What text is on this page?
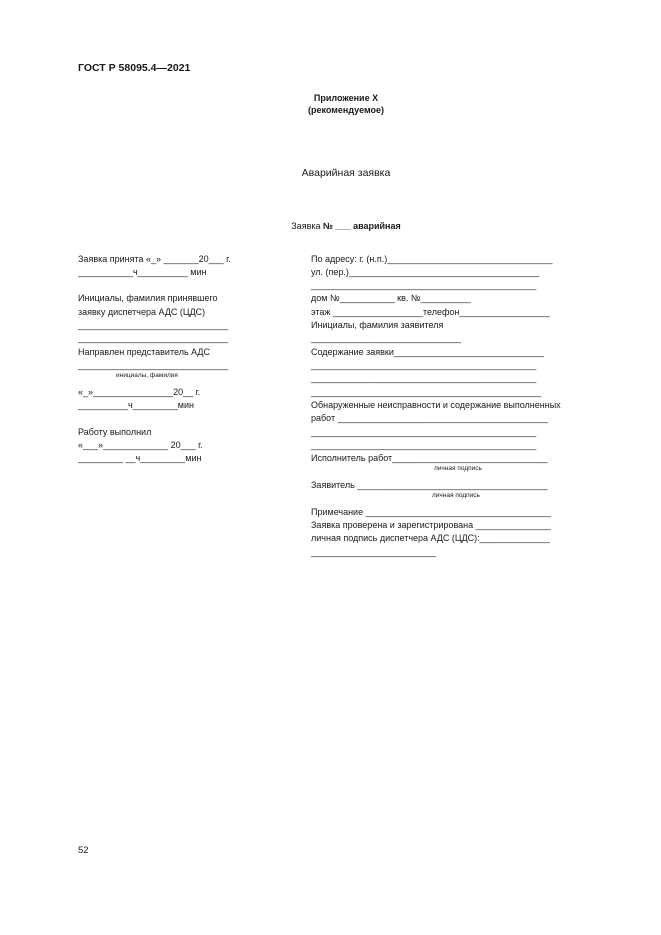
ГОСТ Р 58095.4—2021
Приложение X
(рекомендуемое)
Аварийная заявка
Заявка № ___ аварийная
Заявка принята «_» _______20___ г.
___________ч__________ мин
Инициалы, фамилия принявшего
заявку диспетчера АДС (ЦДС)
______________________________
______________________________
Направлен представитель АДС
______________________________
инициалы, фамилия
«_»________________20__ г.
__________ч_________мин
Работу выполнил
«___»_____________ 20___ г.
_________ __ч_________мин
По адресу: г. (н.п.)_________________________________
ул. (пер.)______________________________________
_____________________________________________
дом №___________ кв. №__________
этаж __________________телефон__________________
Инициалы, фамилия заявителя
______________________________
Содержание заявки______________________________
_____________________________________________
_____________________________________________
______________________________________________
Обнаруженные неисправности и содержание выполненных
работ __________________________________________
_____________________________________________
_____________________________________________
Исполнитель работ_______________________________
личная подпись
Заявитель ______________________________________
личная подпись
Примечание _____________________________________
Заявка проверена и зарегистрирована _______________
личная подпись диспетчера АДС (ЦДС):______________
_________________________
52
